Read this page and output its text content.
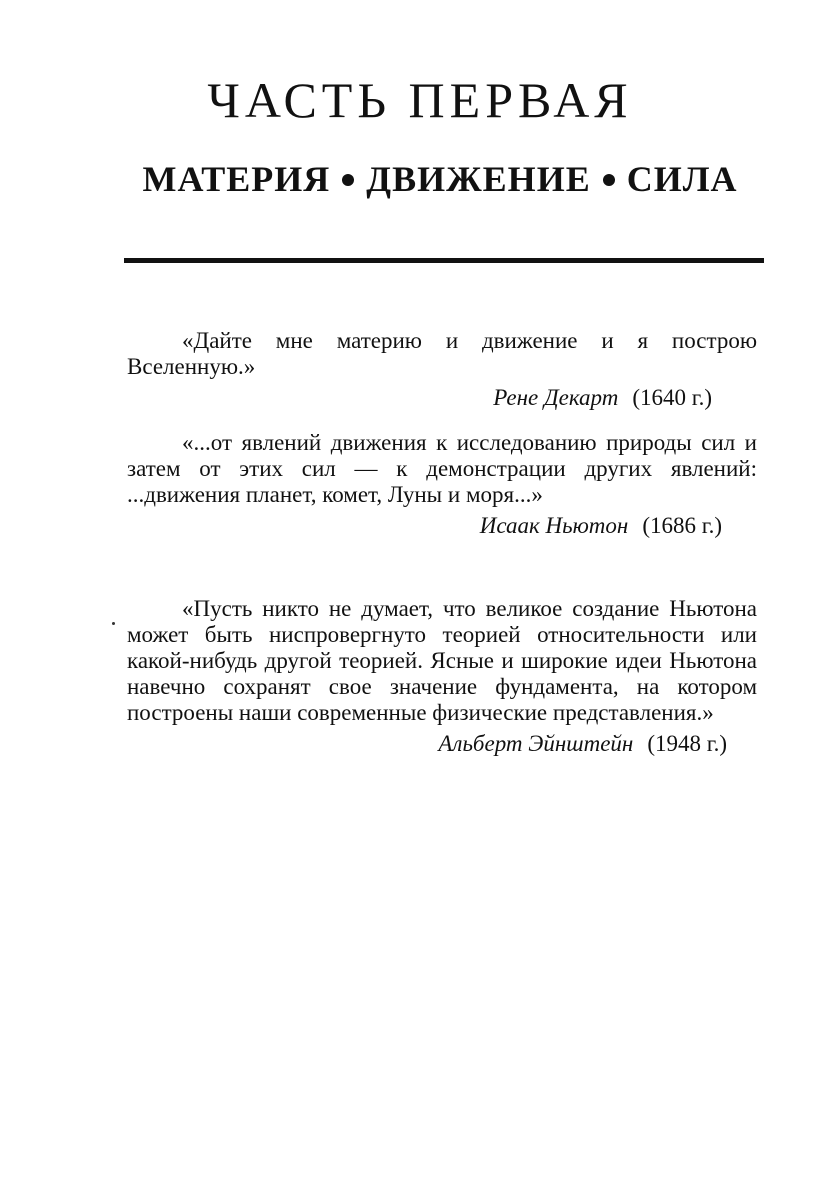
ЧАСТЬ ПЕРВАЯ
МАТЕРИЯ ДВИЖЕНИЕ СИЛА

«Дайте мне материю и движение и я построю Вселенную.»

Рене Декарт (1640 г.)

«...от явлений движения к исследованию природы сил и затем от этих сил — к демонстрации других явлений: ...движения планет, комет, Луны и моря...»

Исаак Ньютон (1686 г.)

«Пусть никто не думает, что великое создание Ньютона может быть ниспровергнуто теорией относительности или какой-нибудь другой теорией. Ясные и широкие идеи Ньютона навечно сохранят свое значение фундамента, на котором построены наши современные физические представления.»

Альберт Эйнштейн (1948 г.)
